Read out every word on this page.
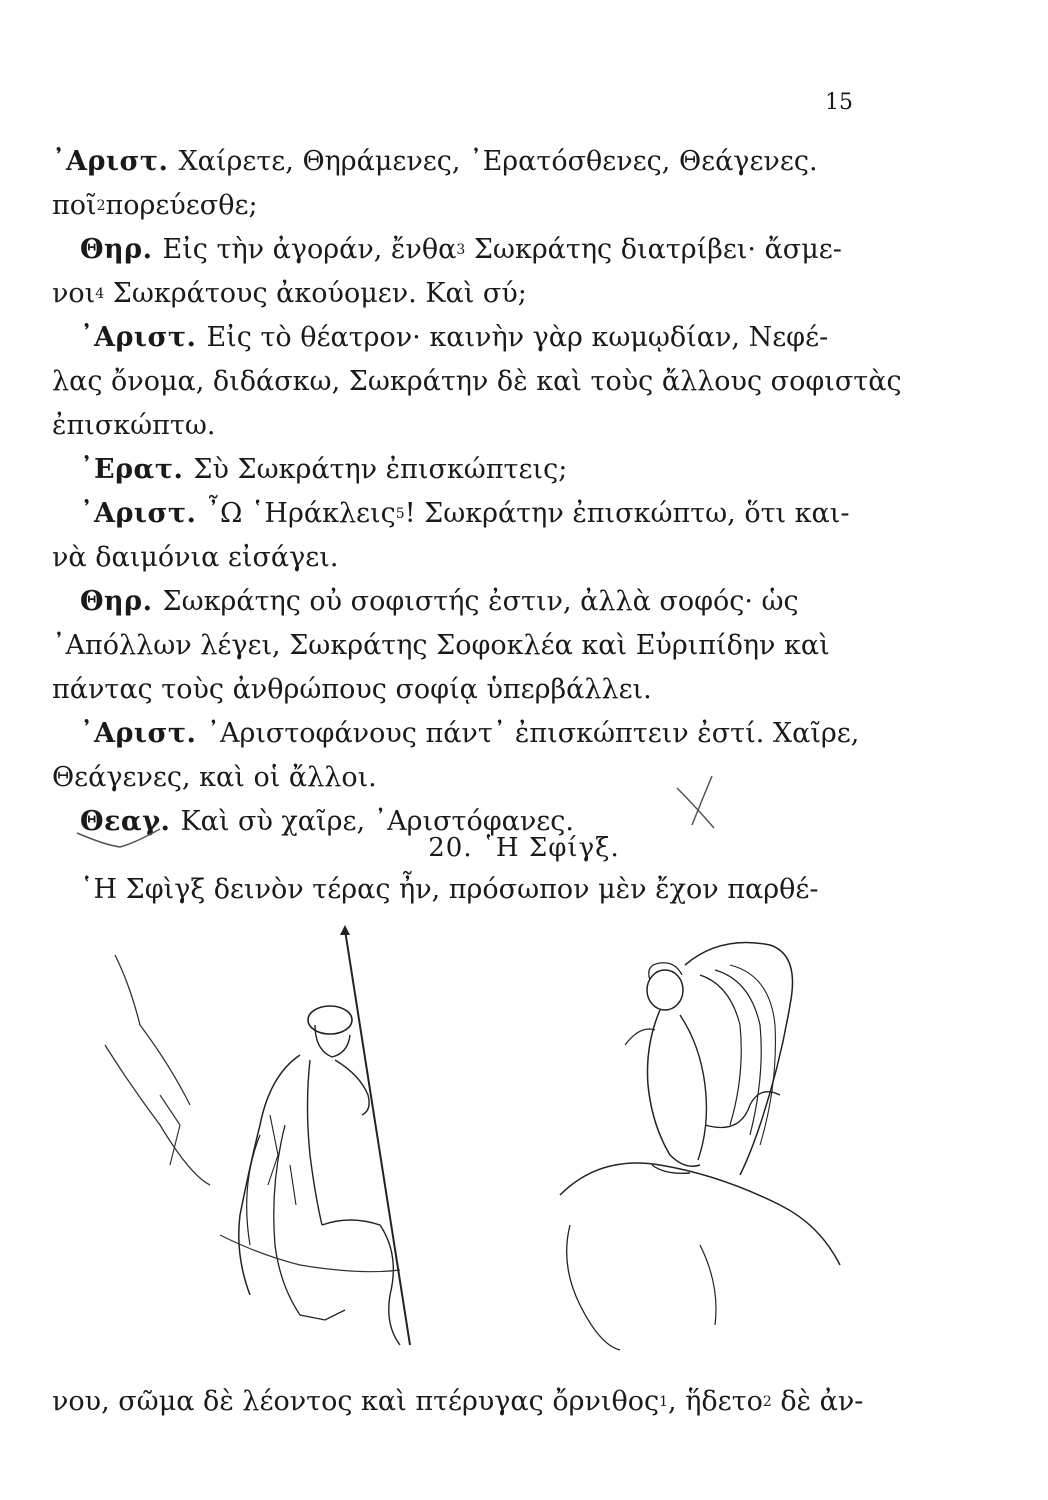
15
᾿Αριστ. Χαίρετε, Θηράμενες, ᾿Ερατόσθενες, Θεάγενες.
ποῖ 2 πορεύεσθε;
Θηρ. Εἰς τὴν ἀγοράν, ἔνθα 3 Σωκράτης διατρίβει· ἄσμε-
νοι 4 Σωκράτους ἀκούομεν. Καὶ σύ;
᾿Αριστ. Εἰς τὸ θέατρον· καινὴν γὰρ κωμῳδίαν, Νεφέ-
λας ὄνομα, διδάσκω, Σωκράτην δὲ καὶ τοὺς ἄλλους σοφιστὰς
ἐπισκώπτω.
᾿Ερατ. Σὺ Σωκράτην ἐπισκώπτεις;
᾿Αριστ. ῏Ω ῾Ηράκλεις 5 ! Σωκράτην ἐπισκώπτω, ὅτι και-
νὰ δαιμόνια εἰσάγει.
Θηρ. Σωκράτης οὐ σοφιστής ἐστιν, ἀλλὰ σοφός· ὡς
᾿Απόλλων λέγει, Σωκράτης Σοφοκλέα καὶ Εὐριπίδην καὶ
πάντας τοὺς ἀνθρώπους σοφίᾳ ὑπερβάλλει.
᾿Αριστ. ᾿Αριστοφάνους πάντ᾿ ἐπισκώπτειν ἐστί. Χαῖρε,
Θεάγενες, καὶ οἱ ἄλλοι.
Θεαγ. Καὶ σὺ χαῖρε, ᾿Αριστόφανες.
20. ῾Η Σφίγξ.
῾Η Σφὶγξ δεινὸν τέρας ἦν, πρόσωπον μὲν ἔχον παρθέ-
νου, σῶμα δὲ λέοντος καὶ πτέρυγας ὄρνιθος 1 , ἥδετο 2 δὲ ἀν-
